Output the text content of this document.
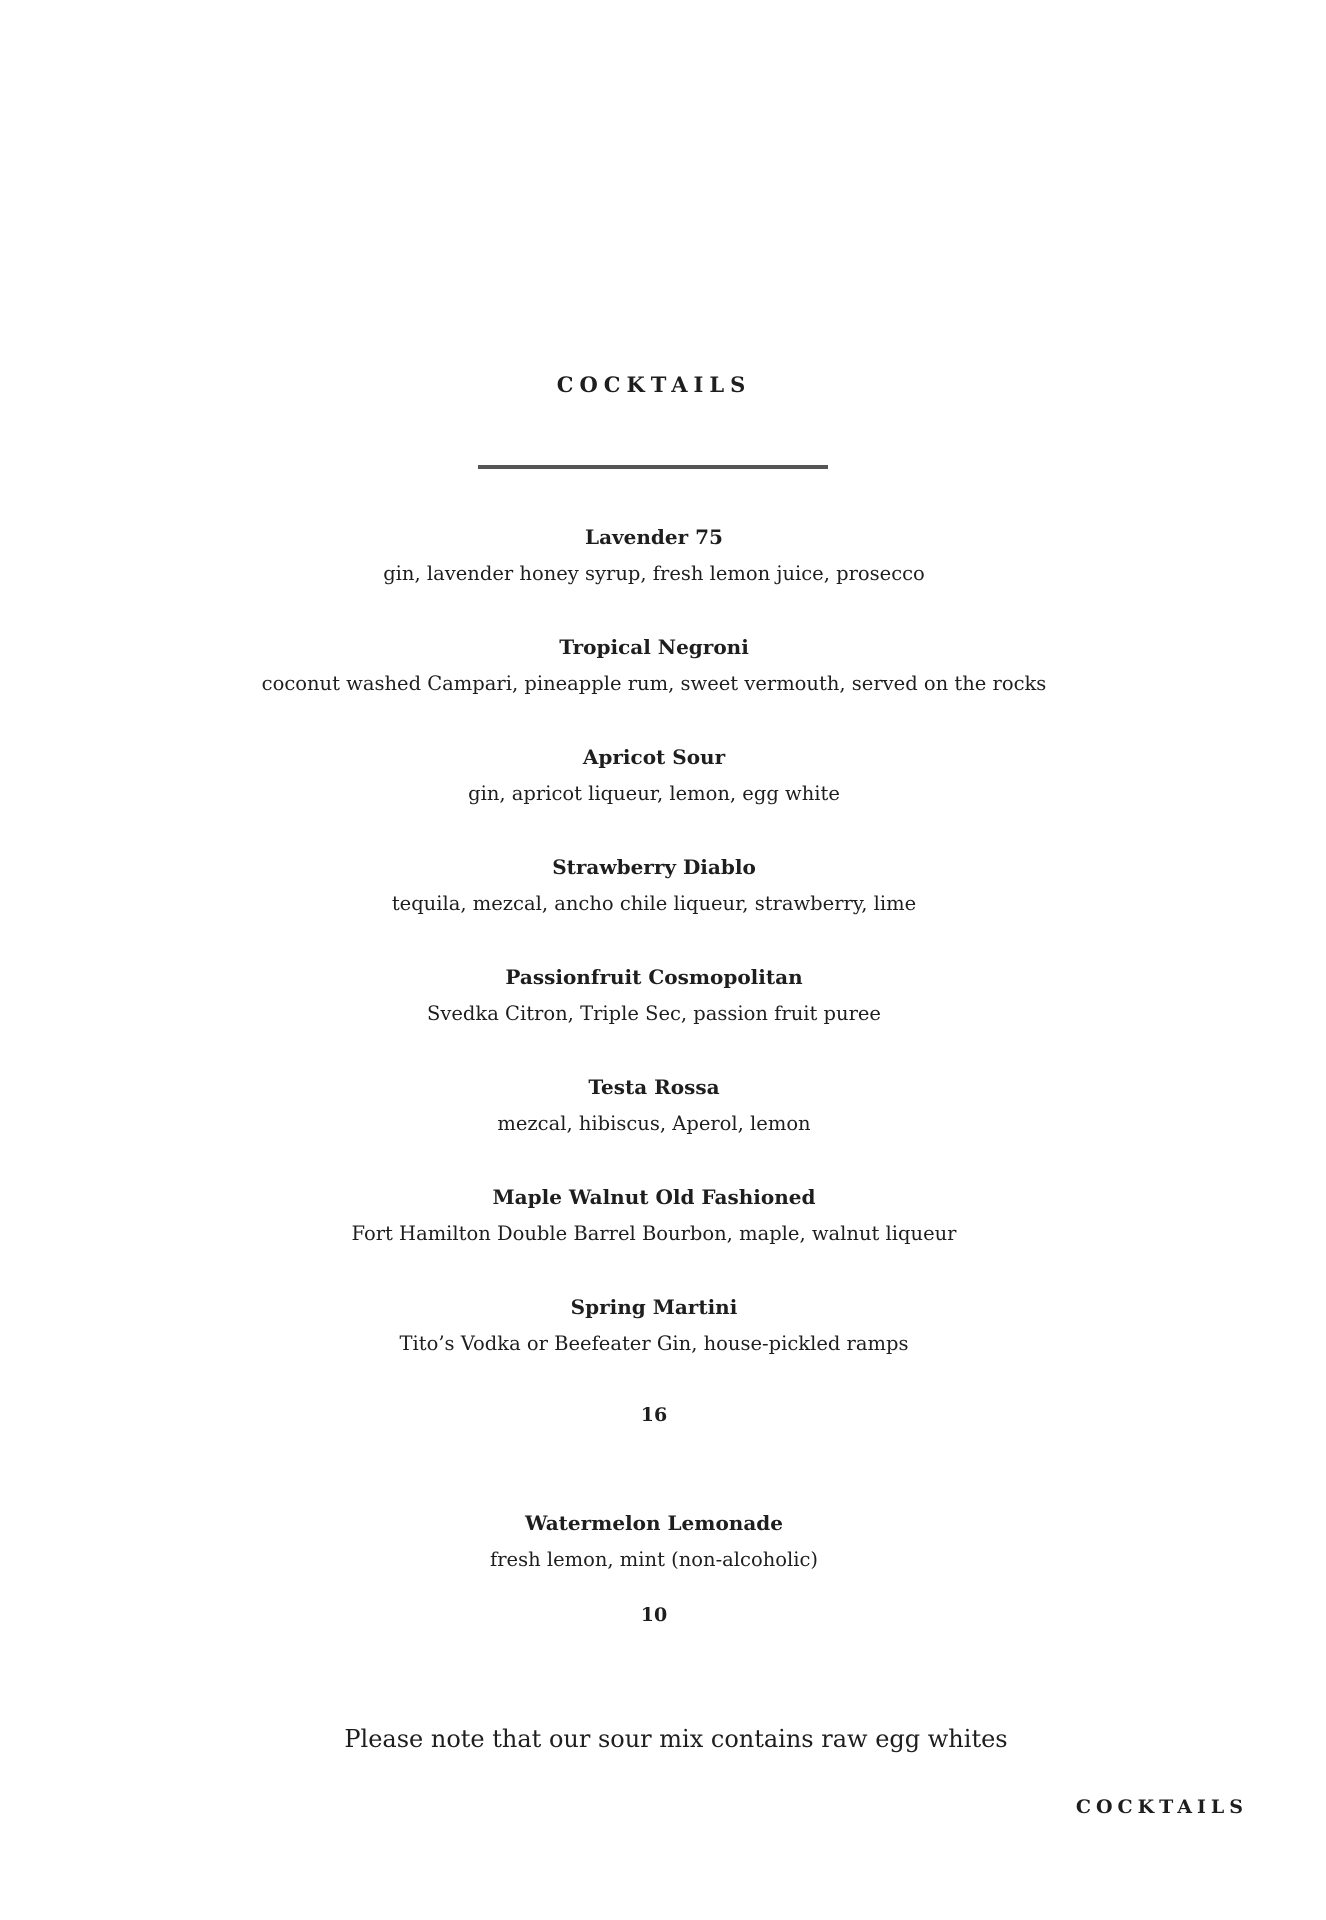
COCKTAILS
Lavender 75
gin, lavender honey syrup, fresh lemon juice, prosecco
Tropical Negroni
coconut washed Campari, pineapple rum, sweet vermouth, served on the rocks
Apricot Sour
gin, apricot liqueur, lemon, egg white
Strawberry Diablo
tequila, mezcal, ancho chile liqueur, strawberry, lime
Passionfruit Cosmopolitan
Svedka Citron, Triple Sec, passion fruit puree
Testa Rossa
mezcal, hibiscus, Aperol, lemon
Maple Walnut Old Fashioned
Fort Hamilton Double Barrel Bourbon, maple, walnut liqueur
Spring Martini
Tito’s Vodka or Beefeater Gin, house-pickled ramps
16
Watermelon Lemonade
fresh lemon, mint (non-alcoholic)
10
Please note that our sour mix contains raw egg whites
COCKTAILS
